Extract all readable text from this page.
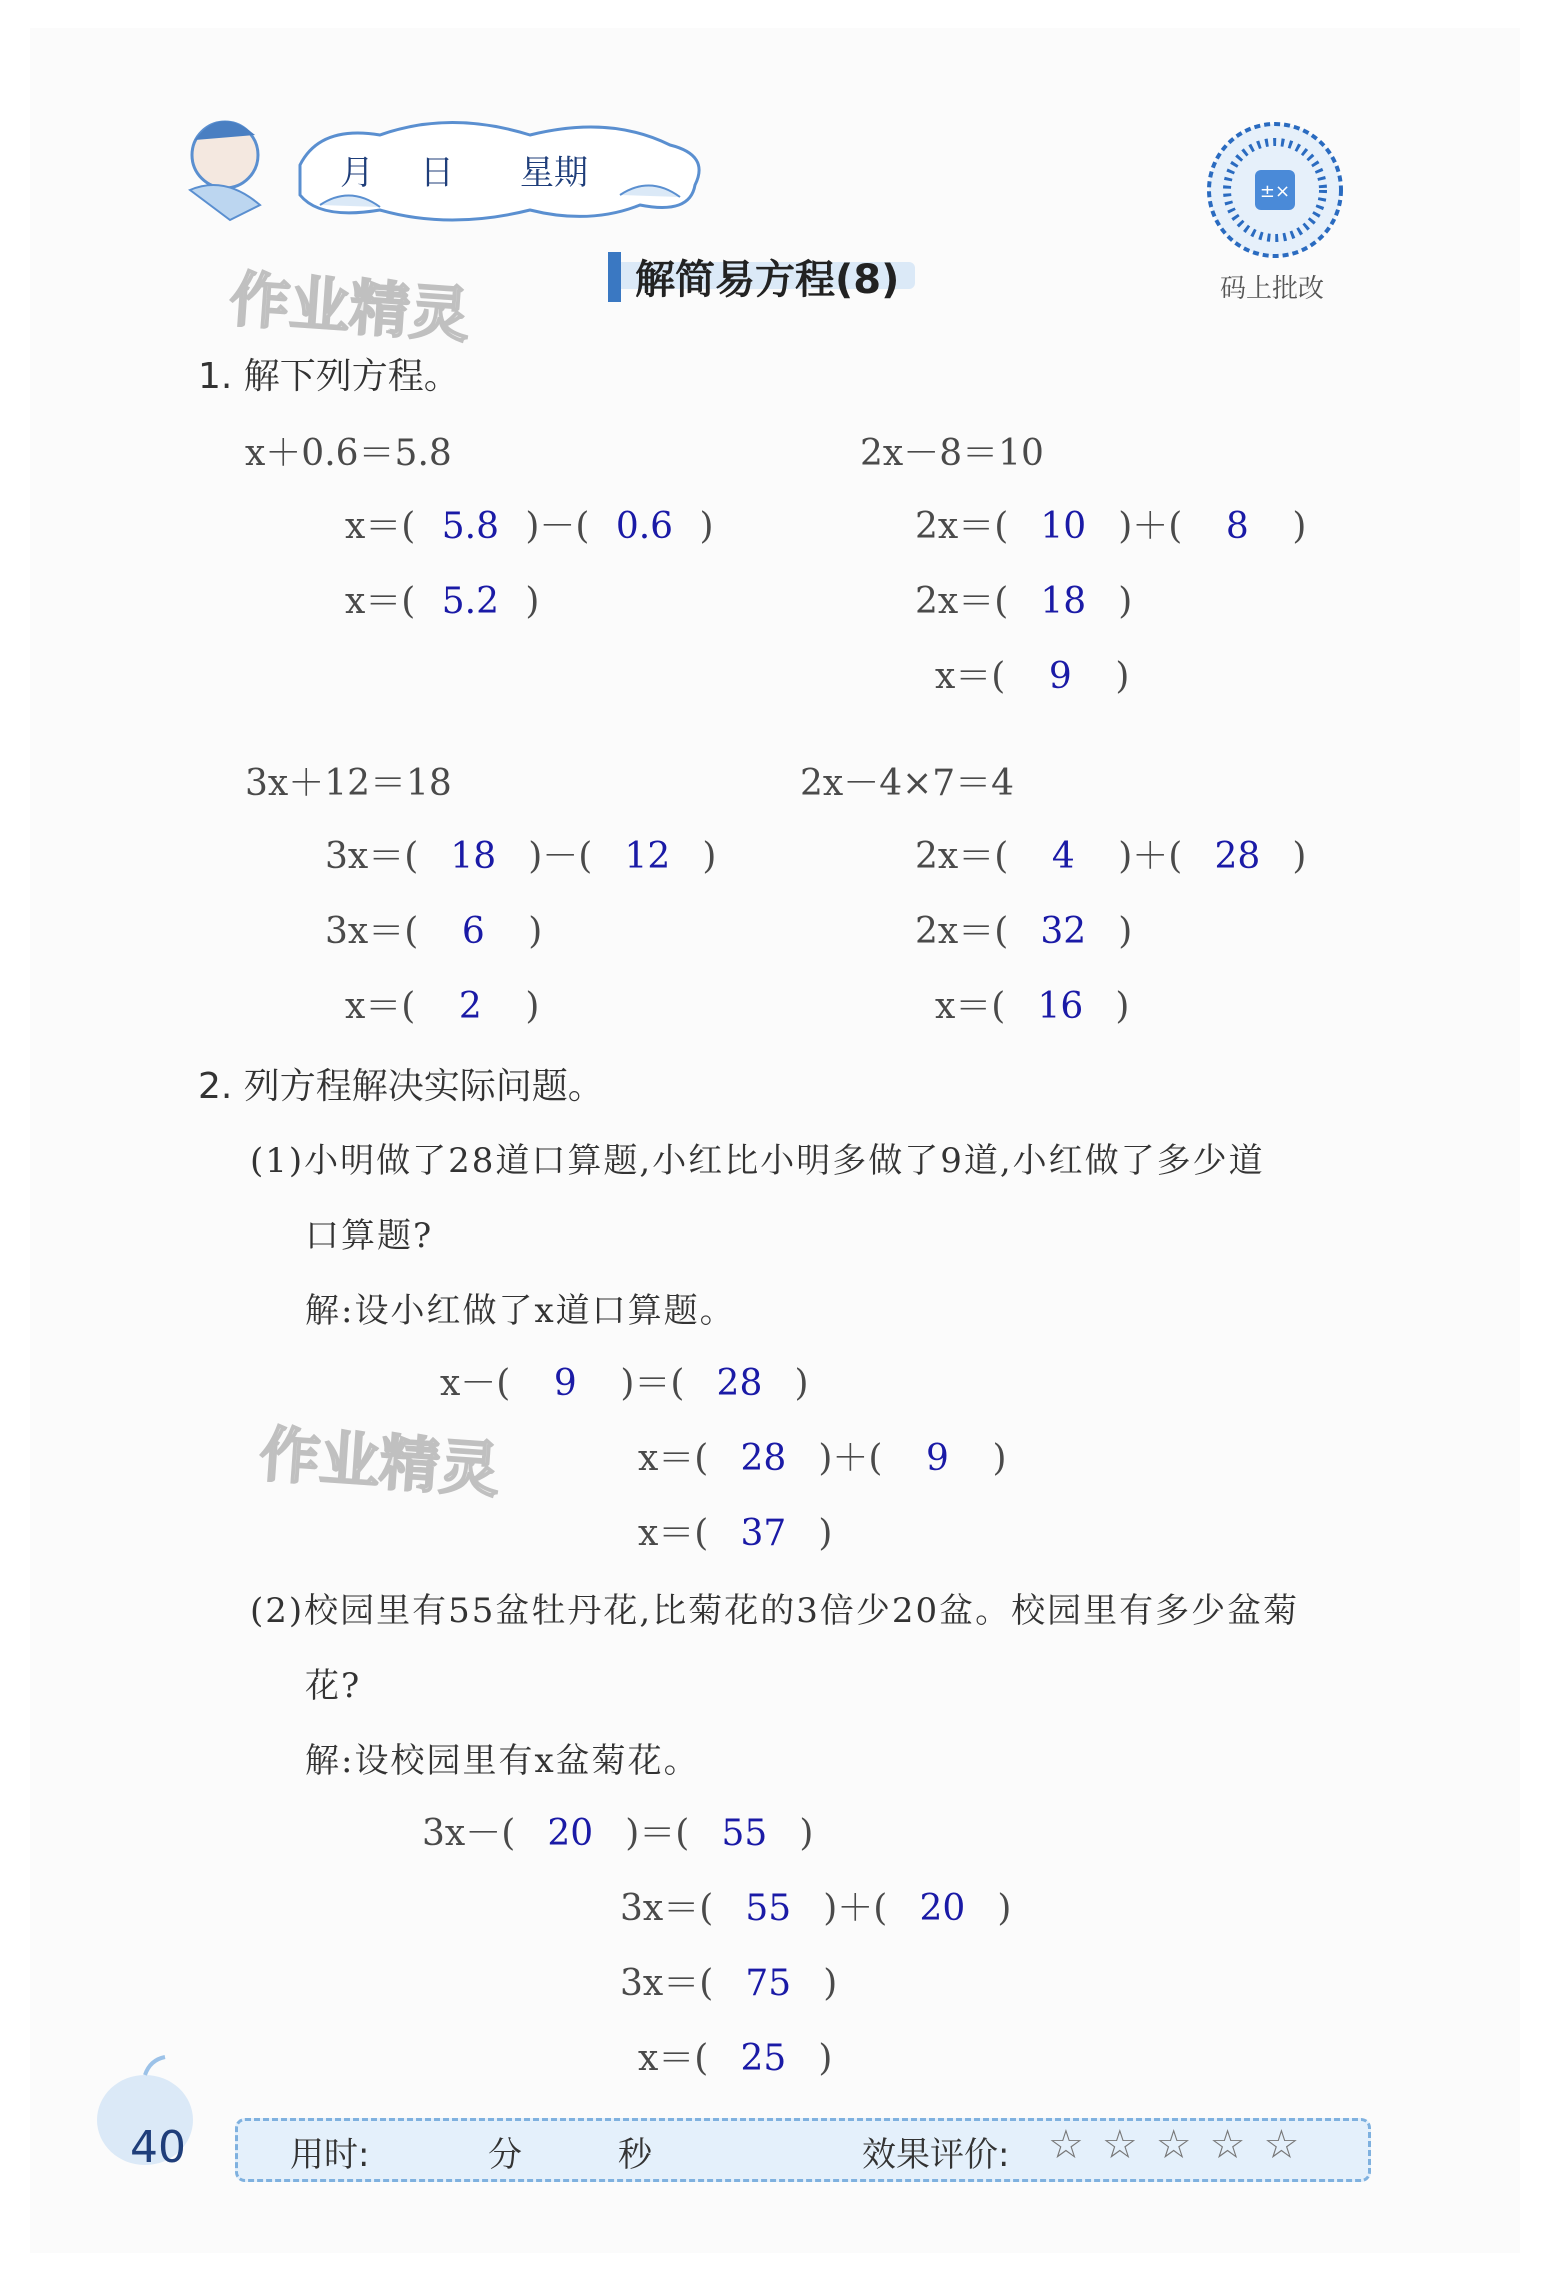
月 日 星期	±×
码上批改
作业精灵
作业精灵
解简易方程(8)
1. 解下列方程。
x＋0.6＝5.8
x＝( 5.8 )－( 0.6 )
x＝( 5.2 )
2x－8＝10
2x＝( 10 )＋( 8 )
2x＝( 18 )
x＝( 9 )
3x＋12＝18
3x＝( 18 )－( 12 )
3x＝( 6 )
x＝( 2 )
2x－4×7＝4
2x＝( 4 )＋( 28 )
2x＝( 32 )
x＝( 16 )
2. 列方程解决实际问题。
(1)小明做了28道口算题,小红比小明多做了9道,小红做了多少道
口算题?
解:设小红做了x道口算题。
x－( 9 )＝( 28 )
x＝( 28 )＋( 9 )
x＝( 37 )
(2)校园里有55盆牡丹花,比菊花的3倍少20盆。校园里有多少盆菊
花?
解:设校园里有x盆菊花。
3x－( 20 )＝( 55 )
3x＝( 55 )＋( 20 )
3x＝( 75 )
x＝( 25 )
40	用时:	分	秒	效果评价: ☆☆☆☆☆
